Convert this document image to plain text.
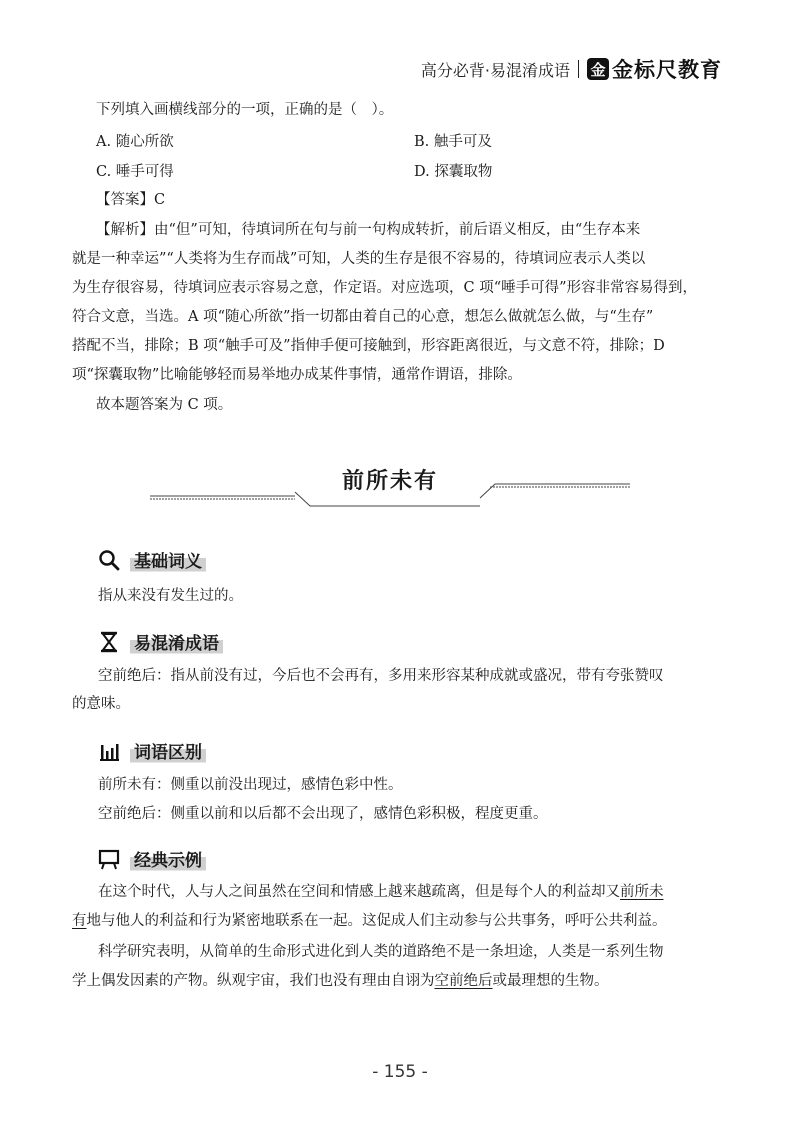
高分必背·易混淆成语 金 金标尺教育
下列填入画横线部分的一项，正确的是（　）。
A. 随心所欲	B. 触手可及
C. 唾手可得	D. 探囊取物
【答案】C
【解析】由“但”可知，待填词所在句与前一句构成转折，前后语义相反，由“生存本来
就是一种幸运”“人类将为生存而战”可知，人类的生存是很不容易的，待填词应表示人类以
为生存很容易，待填词应表示容易之意，作定语。对应选项，C 项“唾手可得”形容非常容易得到，
符合文意，当选。A 项“随心所欲”指一切都由着自己的心意，想怎么做就怎么做，与“生存”
搭配不当，排除；B 项“触手可及”指伸手便可接触到，形容距离很近，与文意不符，排除；D
项“探囊取物”比喻能够轻而易举地办成某件事情，通常作谓语，排除。
故本题答案为 C 项。
前所未有
基础词义
指从来没有发生过的。
易混淆成语
空前绝后：指从前没有过，今后也不会再有，多用来形容某种成就或盛况，带有夸张赞叹
的意味。
词语区别
前所未有：侧重以前没出现过，感情色彩中性。
空前绝后：侧重以前和以后都不会出现了，感情色彩积极，程度更重。
经典示例
在这个时代，人与人之间虽然在空间和情感上越来越疏离，但是每个人的利益却又前所未
有地与他人的利益和行为紧密地联系在一起。这促成人们主动参与公共事务，呼吁公共利益。
科学研究表明，从简单的生命形式进化到人类的道路绝不是一条坦途，人类是一系列生物
学上偶发因素的产物。纵观宇宙，我们也没有理由自诩为空前绝后或最理想的生物。
- 155 -
